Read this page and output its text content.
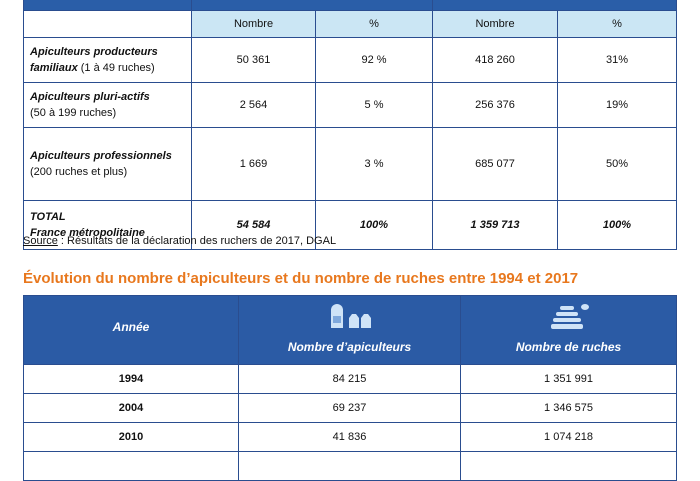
	Nombre	%	Nombre	%
Apiculteurs producteurs familiaux (1 à 49 ruches)	50 361	92 %	418 260	31%
Apiculteurs pluri-actifs
(50 à 199 ruches)	2 564	5 %	256 376	19%
Apiculteurs professionnels
(200 ruches et plus)	1 669	3 %	685 077	50%
TOTAL
France métropolitaine	54 584	100%	1 359 713	100%
Source : Résultats de la déclaration des ruchers de 2017, DGAL
Évolution du nombre d’apiculteurs et du nombre de ruches entre 1994 et 2017
Année	Nombre d’apiculteurs	Nombre de ruches

1994	84 215	1 351 991
2004	69 237	1 346 575
2010	41 836	1 074 218
